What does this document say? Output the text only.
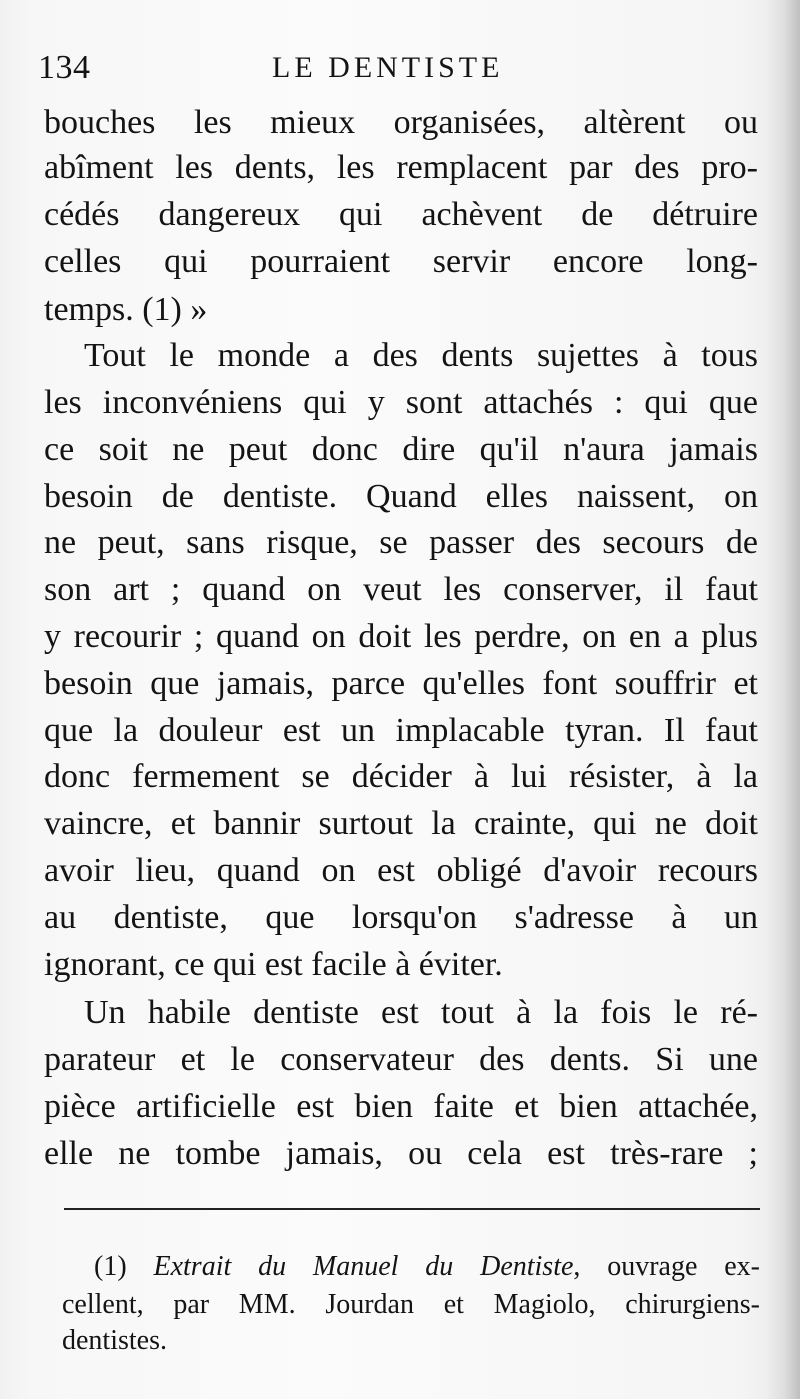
134	LE DENTISTE
bouches les mieux organisées, altèrent ou
abîment les dents, les remplacent par des pro-
cédés dangereux qui achèvent de détruire
celles qui pourraient servir encore long-
temps. (1) »
Tout le monde a des dents sujettes à tous
les inconvéniens qui y sont attachés : qui que
ce soit ne peut donc dire qu'il n'aura jamais
besoin de dentiste. Quand elles naissent, on
ne peut, sans risque, se passer des secours de
son art ; quand on veut les conserver, il faut
y recourir ; quand on doit les perdre, on en a plus
besoin que jamais, parce qu'elles font souffrir et
que la douleur est un implacable tyran. Il faut
donc fermement se décider à lui résister, à la
vaincre, et bannir surtout la crainte, qui ne doit
avoir lieu, quand on est obligé d'avoir recours
au dentiste, que lorsqu'on s'adresse à un
ignorant, ce qui est facile à éviter.
Un habile dentiste est tout à la fois le ré-
parateur et le conservateur des dents. Si une
pièce artificielle est bien faite et bien attachée,
elle ne tombe jamais, ou cela est très-rare ;
(1) Extrait du Manuel du Dentiste, ouvrage ex-
cellent, par MM. Jourdan et Magiolo, chirurgiens-
dentistes.
